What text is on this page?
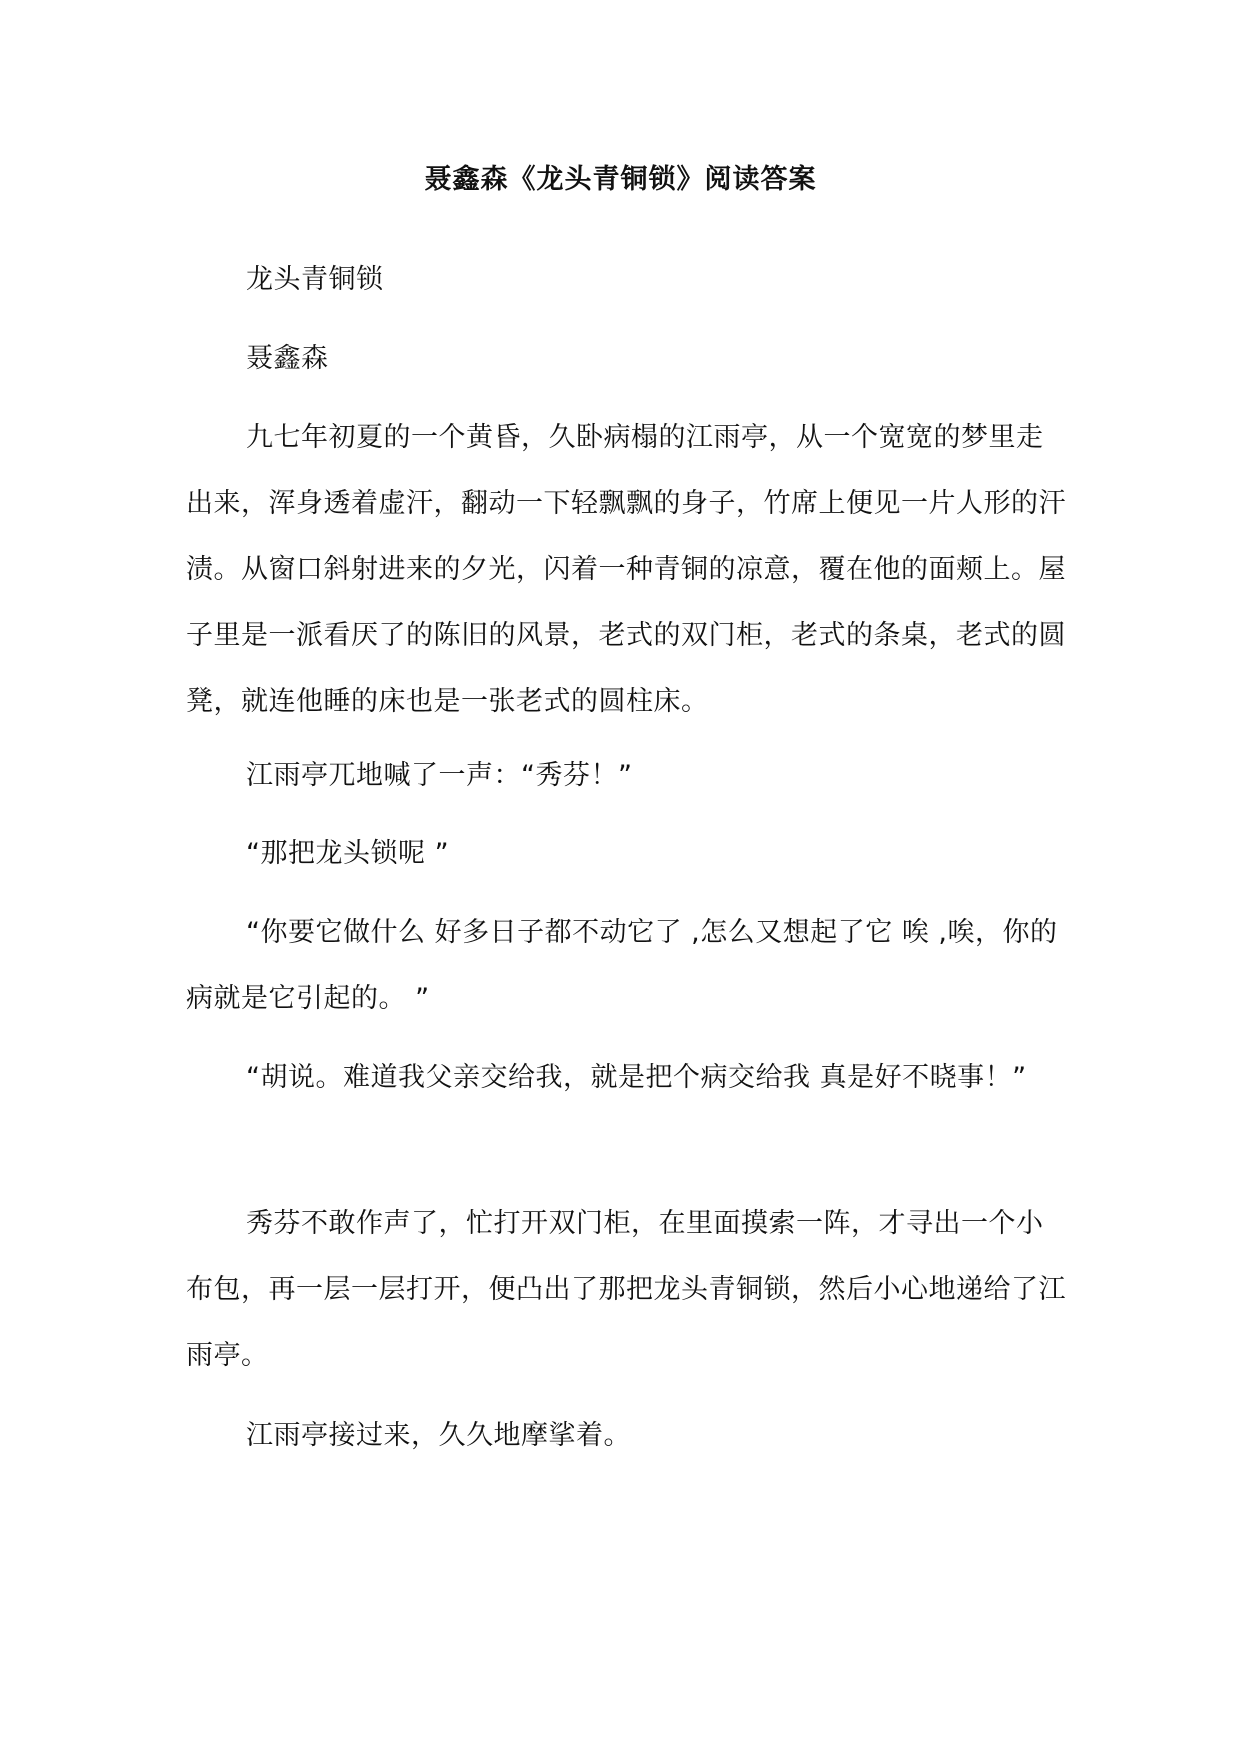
聂鑫森《龙头青铜锁》阅读答案

龙头青铜锁

聂鑫森

九七年初夏的一个黄昏，久卧病榻的江雨亭，从一个宽宽的梦里走出来，浑身透着虚汗，翻动一下轻飘飘的身子，竹席上便见一片人形的汗渍。从窗口斜射进来的夕光，闪着一种青铜的凉意，覆在他的面颊上。屋子里是一派看厌了的陈旧的风景，老式的双门柜，老式的条桌，老式的圆凳，就连他睡的床也是一张老式的圆柱床。

江雨亭兀地喊了一声：“秀芬！”

“那把龙头锁呢 ”

“你要它做什么 好多日子都不动它了 ,怎么又想起了它 唉 ,唉，你的病就是它引起的。 ”

“胡说。难道我父亲交给我，就是把个病交给我 真是好不晓事！”

秀芬不敢作声了，忙打开双门柜，在里面摸索一阵，才寻出一个小布包，再一层一层打开，便凸出了那把龙头青铜锁，然后小心地递给了江雨亭。

江雨亭接过来，久久地摩挲着。
